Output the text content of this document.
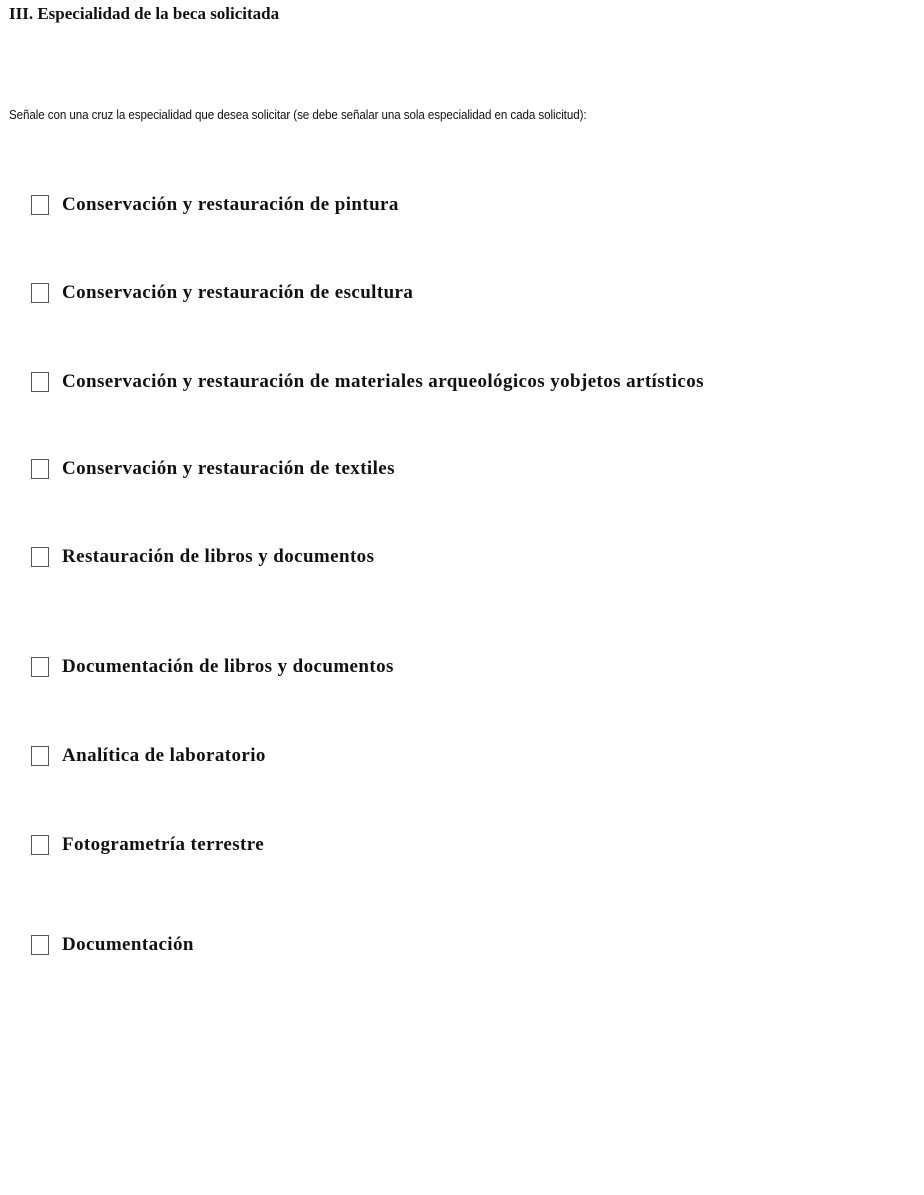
III. Especialidad de la beca solicitada
Señale con una cruz la especialidad que desea solicitar (se debe señalar una sola especialidad en cada solicitud):
Conservación y restauración de pintura
Conservación y restauración de escultura
Conservación y restauración de materiales arqueológicos yobjetos artísticos
Conservación y restauración de textiles
Restauración de libros y documentos
Documentación de libros y documentos
Analítica de laboratorio
Fotogrametría terrestre
Documentación
